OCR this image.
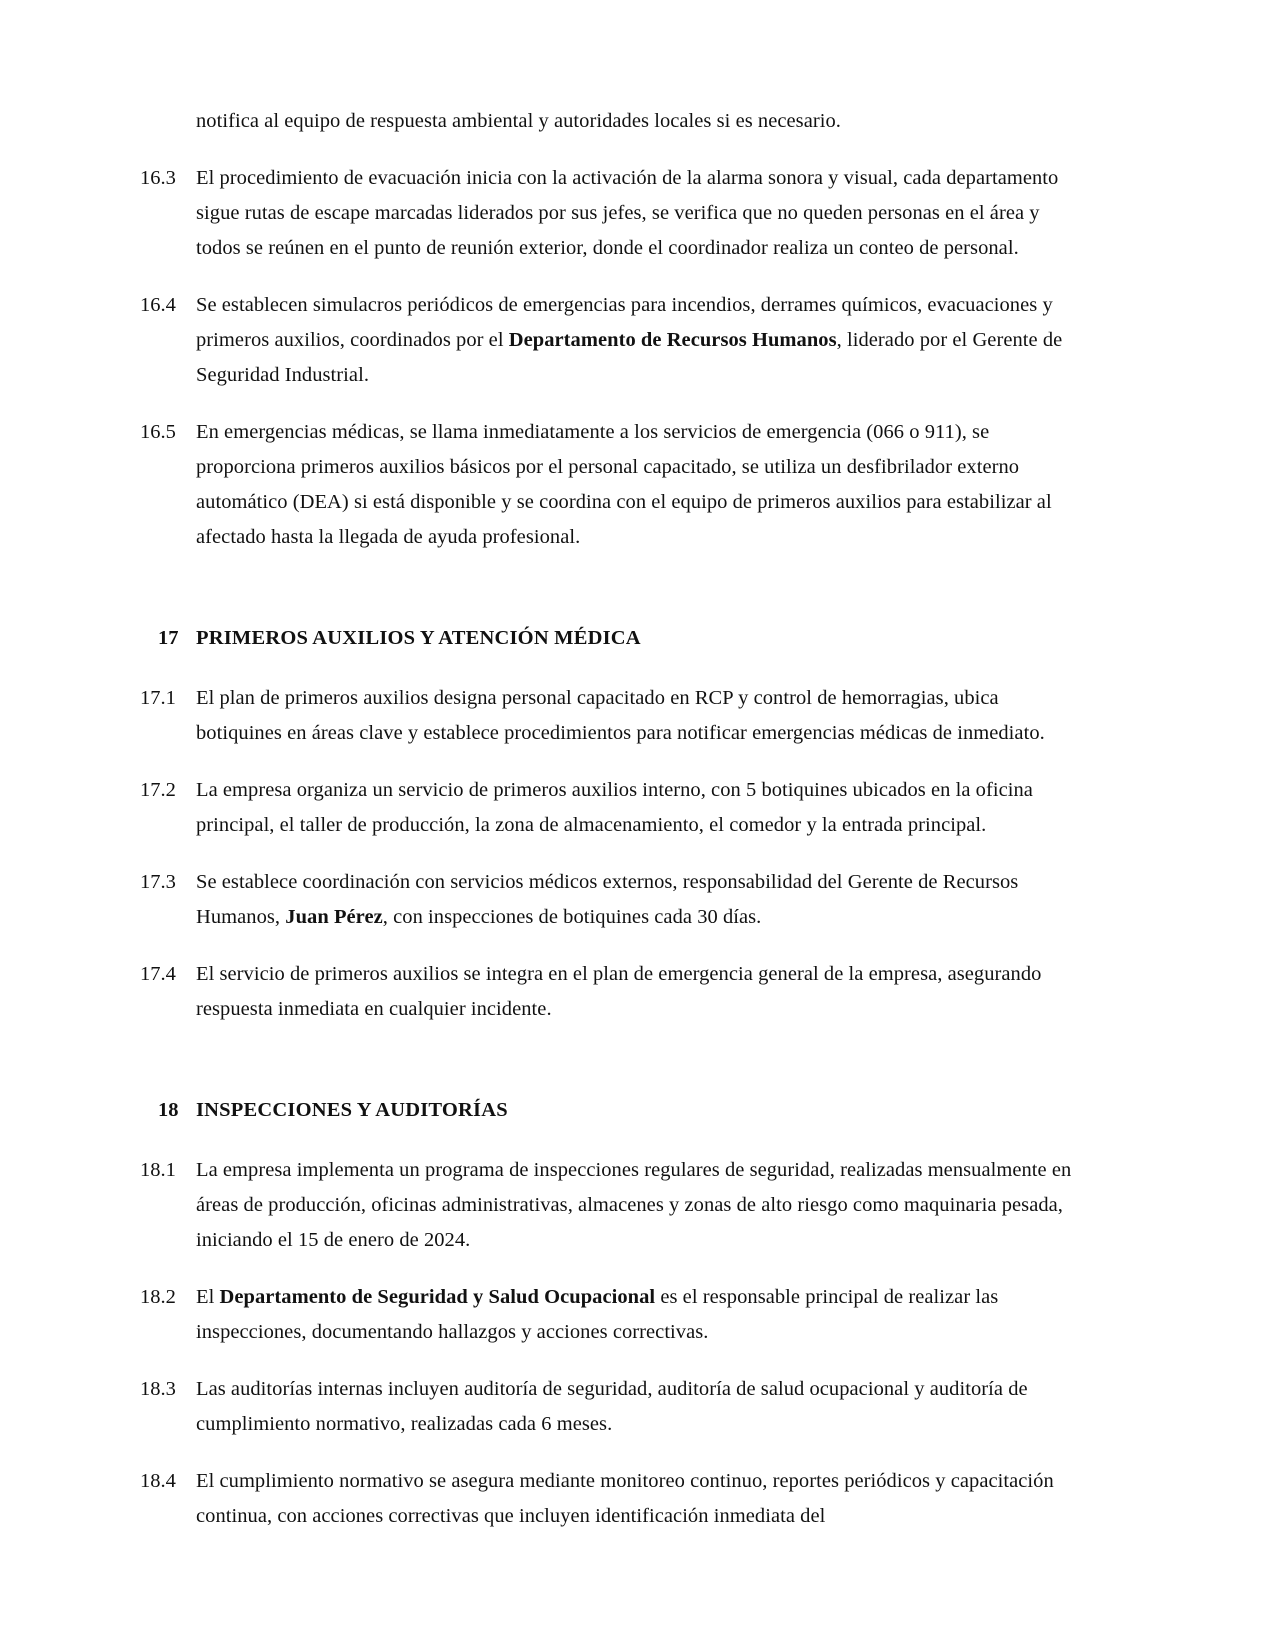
notifica al equipo de respuesta ambiental y autoridades locales si es necesario.

16.3 El procedimiento de evacuación inicia con la activación de la alarma sonora y visual, cada departamento sigue rutas de escape marcadas liderados por sus jefes, se verifica que no queden personas en el área y todos se reúnen en el punto de reunión exterior, donde el coordinador realiza un conteo de personal.
16.4 Se establecen simulacros periódicos de emergencias para incendios, derrames químicos, evacuaciones y primeros auxilios, coordinados por el Departamento de Recursos Humanos, liderado por el Gerente de Seguridad Industrial.
16.5 En emergencias médicas, se llama inmediatamente a los servicios de emergencia (066 o 911), se proporciona primeros auxilios básicos por el personal capacitado, se utiliza un desfibrilador externo automático (DEA) si está disponible y se coordina con el equipo de primeros auxilios para estabilizar al afectado hasta la llegada de ayuda profesional.
17 PRIMEROS AUXILIOS Y ATENCIÓN MÉDICA
17.1 El plan de primeros auxilios designa personal capacitado en RCP y control de hemorragias, ubica botiquines en áreas clave y establece procedimientos para notificar emergencias médicas de inmediato.
17.2 La empresa organiza un servicio de primeros auxilios interno, con 5 botiquines ubicados en la oficina principal, el taller de producción, la zona de almacenamiento, el comedor y la entrada principal.
17.3 Se establece coordinación con servicios médicos externos, responsabilidad del Gerente de Recursos Humanos, Juan Pérez, con inspecciones de botiquines cada 30 días.
17.4 El servicio de primeros auxilios se integra en el plan de emergencia general de la empresa, asegurando respuesta inmediata en cualquier incidente.
18 INSPECCIONES Y AUDITORÍAS
18.1 La empresa implementa un programa de inspecciones regulares de seguridad, realizadas mensualmente en áreas de producción, oficinas administrativas, almacenes y zonas de alto riesgo como maquinaria pesada, iniciando el 15 de enero de 2024.
18.2 El Departamento de Seguridad y Salud Ocupacional es el responsable principal de realizar las inspecciones, documentando hallazgos y acciones correctivas.
18.3 Las auditorías internas incluyen auditoría de seguridad, auditoría de salud ocupacional y auditoría de cumplimiento normativo, realizadas cada 6 meses.
18.4 El cumplimiento normativo se asegura mediante monitoreo continuo, reportes periódicos y capacitación continua, con acciones correctivas que incluyen identificación inmediata del
